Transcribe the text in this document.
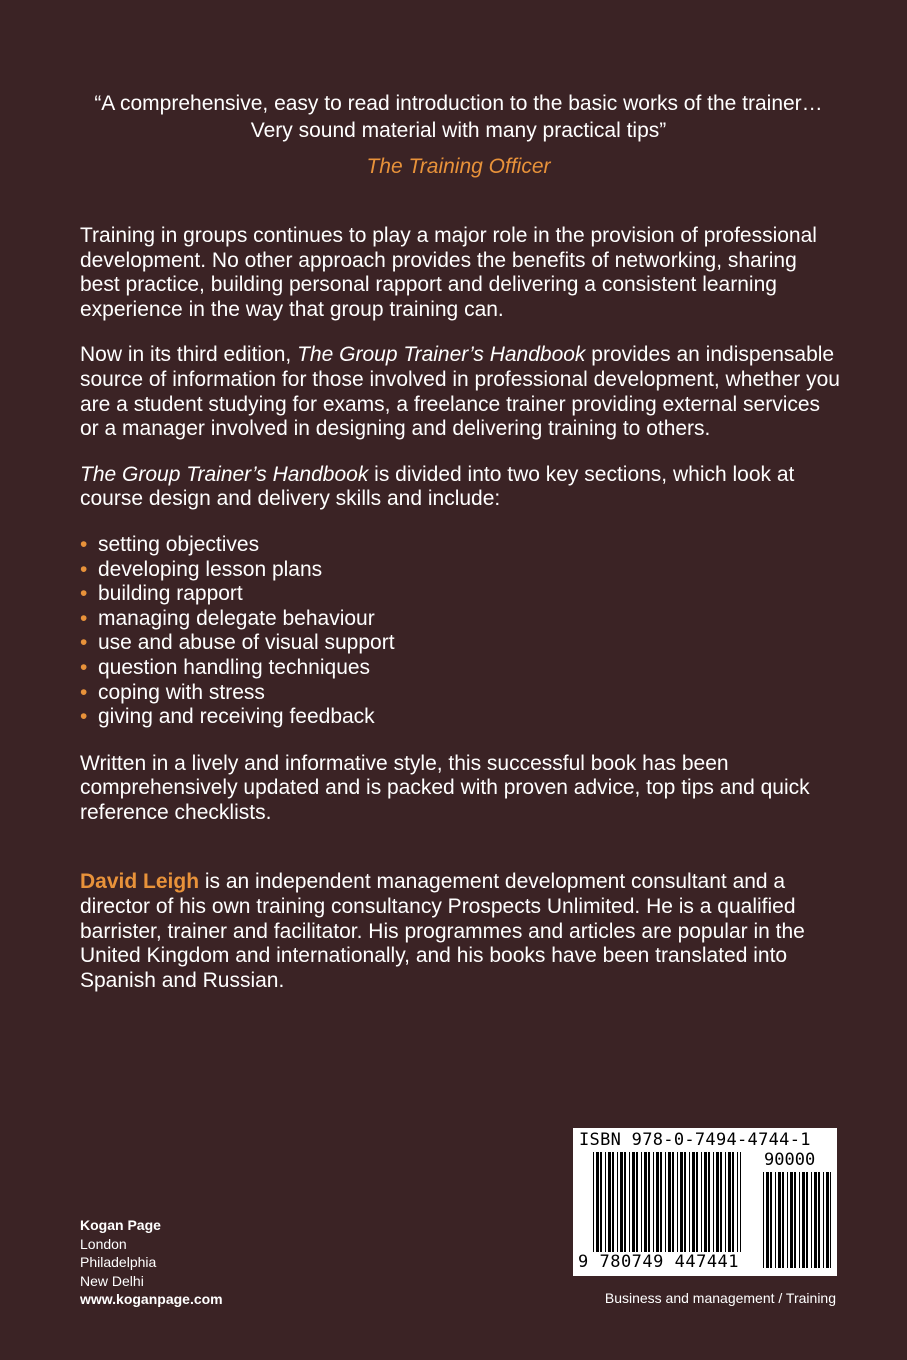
“A comprehensive, easy to read introduction to the basic works of the trainer…
Very sound material with many practical tips”
The Training Officer

Training in groups continues to play a major role in the provision of professional development. No other approach provides the benefits of networking, sharing best practice, building personal rapport and delivering a consistent learning experience in the way that group training can.

Now in its third edition, The Group Trainer’s Handbook provides an indispensable source of information for those involved in professional development, whether you are a student studying for exams, a freelance trainer providing external services or a manager involved in designing and delivering training to others.

The Group Trainer’s Handbook is divided into two key sections, which look at course design and delivery skills and include:

• setting objectives
• developing lesson plans
• building rapport
• managing delegate behaviour
• use and abuse of visual support
• question handling techniques
• coping with stress
• giving and receiving feedback

Written in a lively and informative style, this successful book has been comprehensively updated and is packed with proven advice, top tips and quick reference checklists.

David Leigh is an independent management development consultant and a director of his own training consultancy Prospects Unlimited. He is a qualified barrister, trainer and facilitator. His programmes and articles are popular in the United Kingdom and internationally, and his books have been translated into Spanish and Russian.

Kogan Page
London
Philadelphia
New Delhi
www.koganpage.com
ISBN 978-0-7494-4744-1
90000
9 780749 447441
Business and management / Training
